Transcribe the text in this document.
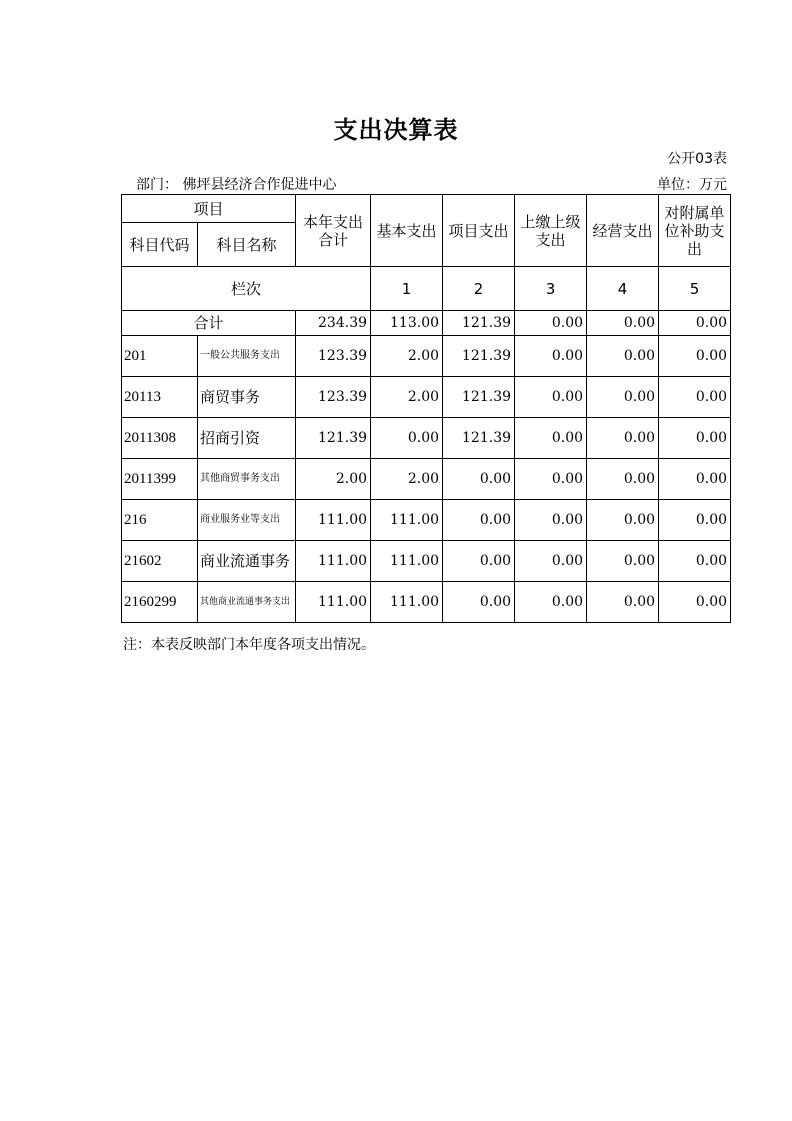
支出决算表
公开03表
部门： 佛坪县经济合作促进中心	单位：万元
项目		本年支出合计	基本支出	项目支出	上缴上级支出	经营支出	对附属单位补助支出	
科目代码	科目名称							
栏次			1	2	3	4	5	
合计		234.39	113.00	121.39	0.00	0.00	0.00	
201	一般公共服务支出	123.39	2.00	121.39	0.00	0.00	0.00	
20113	商贸事务	123.39	2.00	121.39	0.00	0.00	0.00	
2011308	招商引资	121.39	0.00	121.39	0.00	0.00	0.00	
2011399	其他商贸事务支出	2.00	2.00	0.00	0.00	0.00	0.00	
216	商业服务业等支出	111.00	111.00	0.00	0.00	0.00	0.00	
21602	商业流通事务	111.00	111.00	0.00	0.00	0.00	0.00	
2160299	其他商业流通事务支出	111.00	111.00	0.00	0.00	0.00	0.00	
注：本表反映部门本年度各项支出情况。
